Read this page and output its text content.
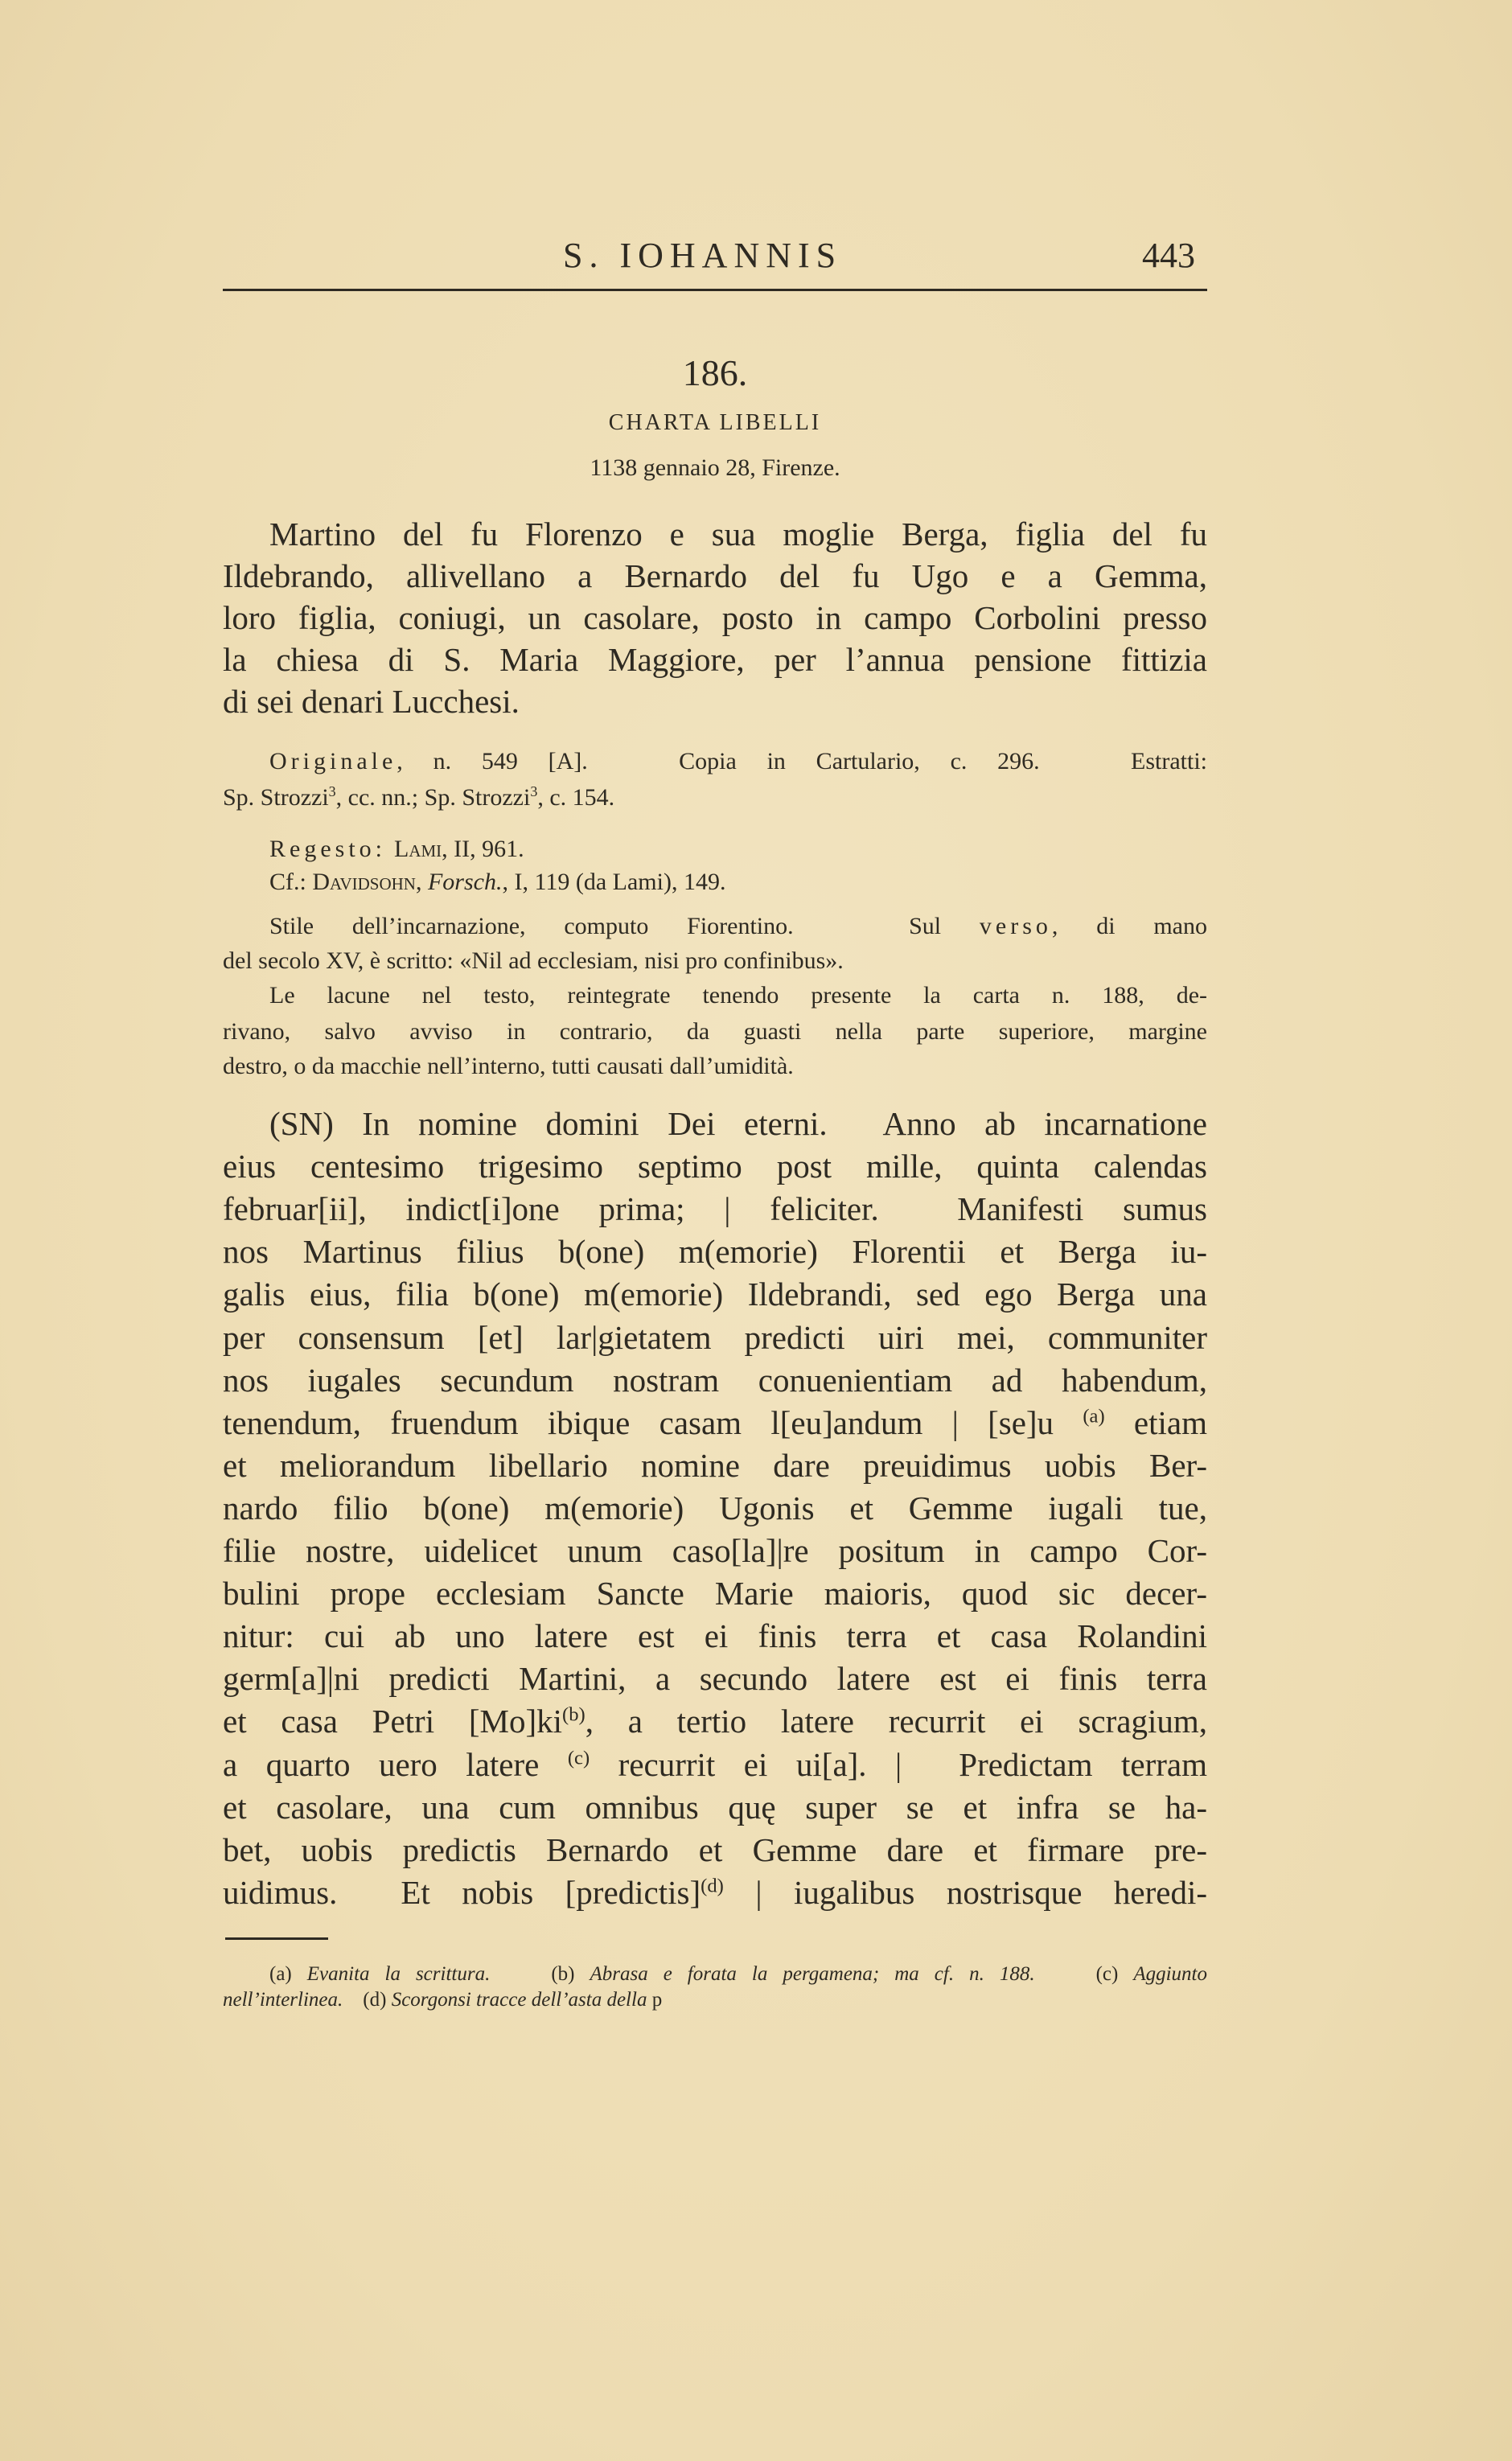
S. IOHANNIS	443
186.
CHARTA LIBELLI
1138 gennaio 28, Firenze.
Martino del fu Florenzo e sua moglie Berga, figlia del fu
Ildebrando, allivellano a Bernardo del fu Ugo e a Gemma,
loro figlia, coniugi, un casolare, posto in campo Corbolini presso
la chiesa di S. Maria Maggiore, per l’annua pensione fittizia
di sei denari Lucchesi.
Originale, n. 549 [A].   Copia in Cartulario, c. 296.   Estratti:
Sp. Strozzi$^3$, cc. nn.; Sp. Strozzi$^3$, c. 154.
Regesto:  Lami, II, 961.
Cf.: Davidsohn, Forsch., I, 119 (da Lami), 149.
Stile dell’incarnazione, computo Fiorentino.   Sul verso, di mano
del secolo XV, è scritto: «Nil ad ecclesiam, nisi pro confinibus».
Le lacune nel testo, reintegrate tenendo presente la carta n. 188, de-
rivano, salvo avviso in contrario, da guasti nella parte superiore, margine
destro, o da macchie nell’interno, tutti causati dall’umidità.
(SN) In nomine domini Dei eterni.  Anno ab incarnatione
eius centesimo trigesimo septimo post mille, quinta calendas
februar[ii], indict[i]one prima; | feliciter.  Manifesti sumus
nos Martinus filius b(one) m(emorie) Florentii et Berga iu-
galis eius, filia b(one) m(emorie) Ildebrandi, sed ego Berga una
per consensum [et] lar|gietatem predicti uiri mei, communiter
nos iugales secundum nostram conuenientiam ad habendum,
tenendum, fruendum ibique casam l[eu]andum | [se]u $^{(a)}$ etiam
et meliorandum libellario nomine dare preuidimus uobis Ber-
nardo filio b(one) m(emorie) Ugonis et Gemme iugali tue,
filie nostre, uidelicet unum caso[la]|re positum in campo Cor-
bulini prope ecclesiam Sancte Marie maioris, quod sic decer-
nitur: cui ab uno latere est ei finis terra et casa Rolandini
germ[a]|ni predicti Martini, a secundo latere est ei finis terra
et casa Petri $[Mo]ki^{(b)}$, a tertio latere recurrit ei scragium,
a quarto uero latere $^{(c)}$ recurrit ei ui[a]. |  Predictam terram
et casolare, una cum omnibus quę super se et infra se ha-
bet, uobis predictis Bernardo et Gemme dare et firmare pre-
uidimus.  Et nobis [predictis]$^{(d)}$ | iugalibus nostrisque heredi-
(a) Evanita la scrittura.    (b) Abrasa e forata la pergamena; ma cf. n. 188.    (c) Aggiunto
nell’interlinea.    (d) Scorgonsi tracce dell’asta della p
